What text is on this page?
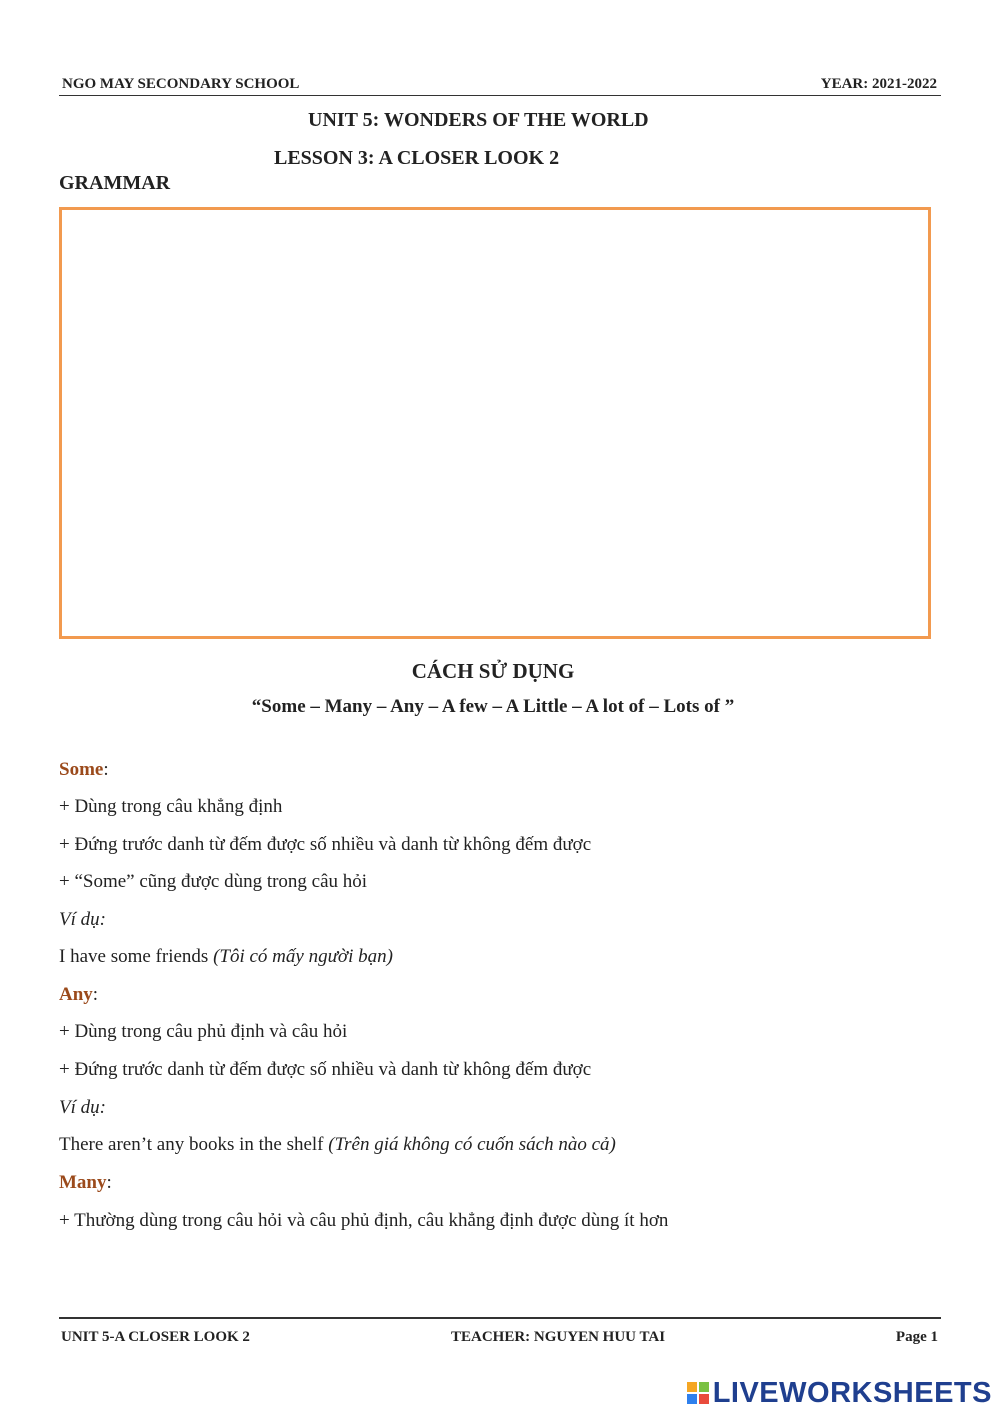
NGO MAY SECONDARY SCHOOL	YEAR: 2021-2022
UNIT 5: WONDERS OF THE WORLD
LESSON 3: A CLOSER LOOK 2
GRAMMAR
CÁCH SỬ DỤNG
“Some – Many – Any – A few – A Little – A lot of – Lots of ”
Some:
+ Dùng trong câu khẳng định
+ Đứng trước danh từ đếm được số nhiều và danh từ không đếm được
+ “Some” cũng được dùng trong câu hỏi
Ví dụ:
I have some friends (Tôi có mấy người bạn)
Any:
+ Dùng trong câu phủ định và câu hỏi
+ Đứng trước danh từ đếm được số nhiều và danh từ không đếm được
Ví dụ:
There aren’t any books in the shelf (Trên giá không có cuốn sách nào cả)
Many:
+ Thường dùng trong câu hỏi và câu phủ định, câu khẳng định được dùng ít hơn
UNIT 5-A CLOSER LOOK 2	TEACHER: NGUYEN HUU TAI	Page 1
LIVEWORKSHEETS
